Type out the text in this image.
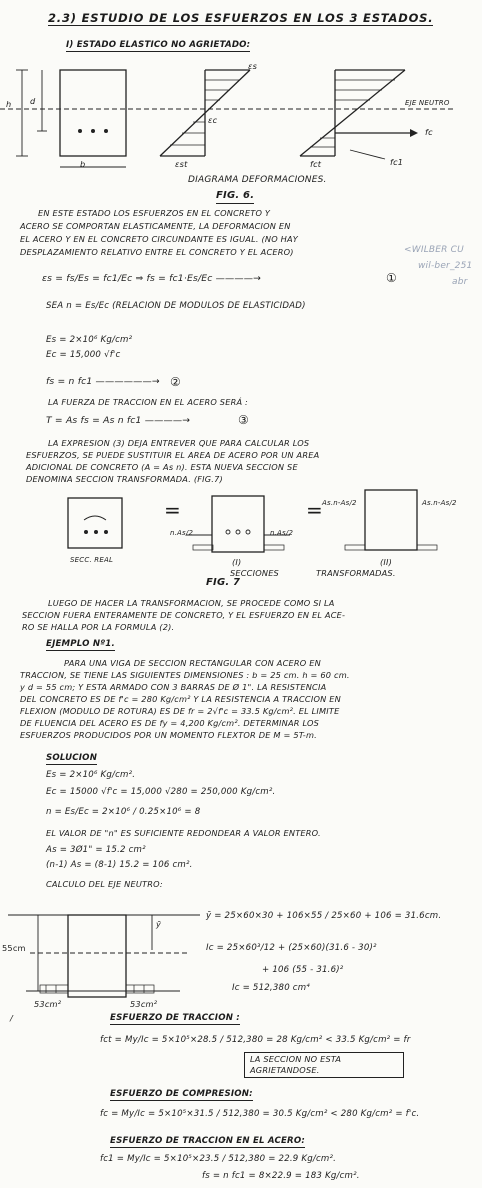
2.3) ESTUDIO DE LOS ESFUERZOS EN LOS 3 ESTADOS.
I) ESTADO ELASTICO NO AGRIETADO:
h d
b
εs
εc
εst
EJE NEUTRO
fc
fct	fc1
DIAGRAMA DEFORMACIONES.
FIG. 6.
EN ESTE ESTADO LOS ESFUERZOS EN EL CONCRETO Y
ACERO SE COMPORTAN ELASTICAMENTE, LA DEFORMACION EN
EL ACERO Y EN EL CONCRETO CIRCUNDANTE ES IGUAL. (NO HAY
DESPLAZAMIENTO RELATIVO ENTRE EL CONCRETO Y EL ACERO)	<WILBER CU
wil-ber_251
abr
εs = fs/Es = fc1/Ec ⇒ fs = fc1·Es/Ec ————→	①
SEA n = Es/Ec (RELACION DE MODULOS DE ELASTICIDAD)
Es = 2×10⁶ Kg/cm²
Ec = 15,000 √f'c
fs = n fc1 ——————→ ②
LA FUERZA DE TRACCION EN EL ACERO SERÁ :
T = As fs = As n fc1 ————→	③
LA EXPRESION (3) DEJA ENTREVER QUE PARA CALCULAR LOS
ESFUERZOS, SE PUEDE SUSTITUIR EL AREA DE ACERO POR UN AREA
ADICIONAL DE CONCRETO (A = As n). ESTA NUEVA SECCION SE
DENOMINA SECCION TRANSFORMADA. (FIG.7)
=	=
n.As/2	n.As/2
As.n-As/2	As.n-As/2
SECC. REAL	(I)	(II)
SECCIONES	TRANSFORMADAS.
FIG. 7
LUEGO DE HACER LA TRANSFORMACION, SE PROCEDE COMO SI LA
SECCION FUERA ENTERAMENTE DE CONCRETO, Y EL ESFUERZO EN EL ACE-
RO SE HALLA POR LA FORMULA (2).
EJEMPLO Nº1.
PARA UNA VIGA DE SECCION RECTANGULAR CON ACERO EN
TRACCION, SE TIENE LAS SIGUIENTES DIMENSIONES : b = 25 cm. h = 60 cm.
y d = 55 cm; Y ESTA ARMADO CON 3 BARRAS DE Ø 1". LA RESISTENCIA
DEL CONCRETO ES DE f'c = 280 Kg/cm² Y LA RESISTENCIA A TRACCION EN
FLEXION (MODULO DE ROTURA) ES DE fr = 2√f'c = 33.5 Kg/cm². EL LIMITE
DE FLUENCIA DEL ACERO ES DE fy = 4,200 Kg/cm². DETERMINAR LOS
ESFUERZOS PRODUCIDOS POR UN MOMENTO FLEXTOR DE M = 5T-m.
SOLUCION
Es = 2×10⁶ Kg/cm².
Ec = 15000 √f'c = 15,000 √280 = 250,000 Kg/cm².
n = Es/Ec = 2×10⁶ / 0.25×10⁶ = 8
EL VALOR DE "n" ES SUFICIENTE REDONDEAR A VALOR ENTERO.
As = 3Ø1" = 15.2 cm²
(n-1) As = (8-1) 15.2 = 106 cm².
CALCULO DEL EJE NEUTRO:
55cm
ȳ
53cm²	53cm²
/
ȳ = 25×60×30 + 106×55 / 25×60 + 106 = 31.6cm.
Ic = 25×60³/12 + (25×60)(31.6 - 30)²
+ 106 (55 - 31.6)²
Ic = 512,380 cm⁴
ESFUERZO DE TRACCION :
fct = My/Ic = 5×10⁵×28.5 / 512,380 = 28 Kg/cm² < 33.5 Kg/cm² = fr
LA SECCION NO ESTA
AGRIETANDOSE.
ESFUERZO DE COMPRESION:
fc = My/Ic = 5×10⁵×31.5 / 512,380 = 30.5 Kg/cm² < 280 Kg/cm² = f'c.
ESFUERZO DE TRACCION EN EL ACERO:
fc1 = My/Ic = 5×10⁵×23.5 / 512,380 = 22.9 Kg/cm².
fs = n fc1 = 8×22.9 = 183 Kg/cm².
